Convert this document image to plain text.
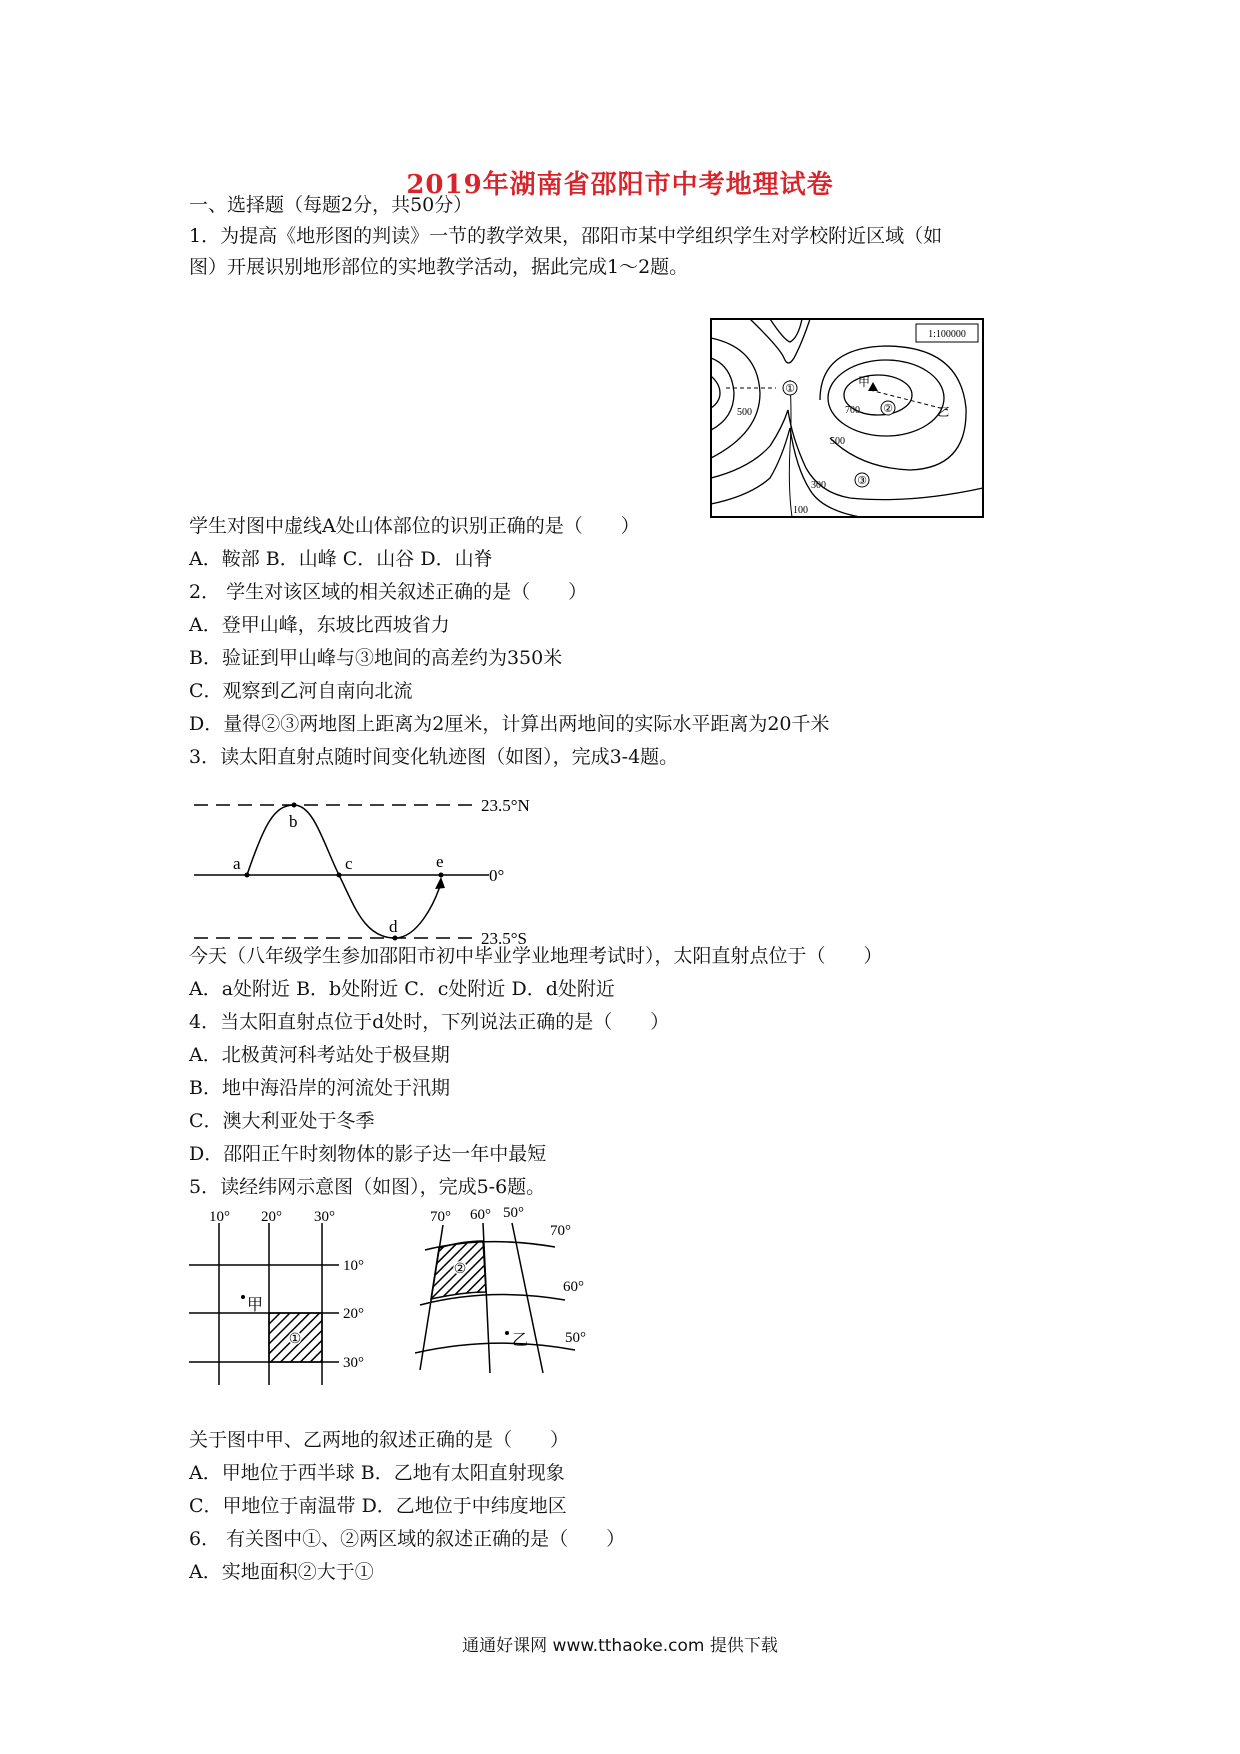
2019年湖南省邵阳市中考地理试卷
一、选择题（每题2分，共50分）
1．为提高《地形图的判读》一节的教学效果，邵阳市某中学组织学生对学校附近区域（如
图）开展识别地形部位的实地教学活动，据此完成1～2题。
1:100000
①
②
③
甲
500	700
500
300
100
乙
学生对图中虚线A处山体部位的识别正确的是（　　）
A．鞍部 B．山峰 C．山谷 D．山脊
2． 学生对该区域的相关叙述正确的是（　　）
A．登甲山峰，东坡比西坡省力
B．验证到甲山峰与③地间的高差约为350米
C．观察到乙河自南向北流
D．量得②③两地图上距离为2厘米，计算出两地间的实际水平距离为20千米
3．读太阳直射点随时间变化轨迹图（如图），完成3-4题。
23.5°N
0°
23.5°S
a
b
c
d
e
今天（八年级学生参加邵阳市初中毕业学业地理考试时），太阳直射点位于（　　）
A．a处附近 B．b处附近 C．c处附近 D．d处附近
4．当太阳直射点位于d处时，下列说法正确的是（　　）
A．北极黄河科考站处于极昼期
B．地中海沿岸的河流处于汛期
C．澳大利亚处于冬季
D．邵阳正午时刻物体的影子达一年中最短
5．读经纬网示意图（如图），完成5-6题。
①
10° 20° 30°
10°
20°
30°
甲
②
70° 60° 50°
70°
60°
50°
乙
关于图中甲、乙两地的叙述正确的是（　　）
A．甲地位于西半球 B．乙地有太阳直射现象
C．甲地位于南温带 D．乙地位于中纬度地区
6． 有关图中①、②两区域的叙述正确的是（　　）
A．实地面积②大于①
通通好课网 www.tthaoke.com 提供下载
